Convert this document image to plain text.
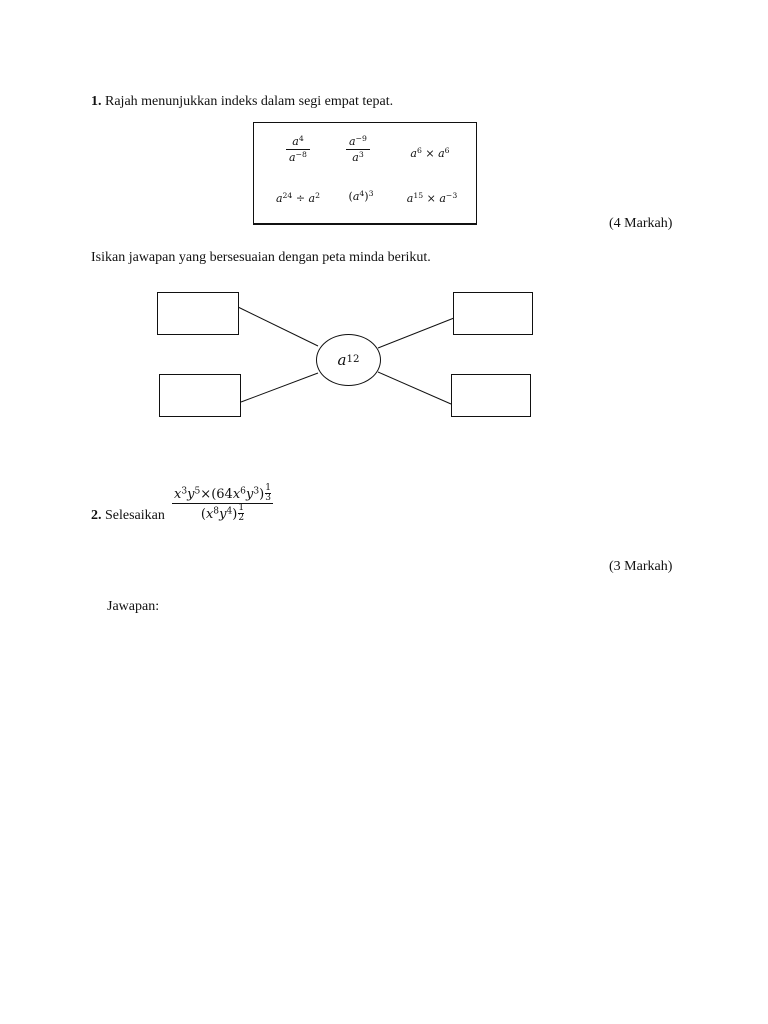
1. Rajah menunjukkan indeks dalam segi empat tepat.
$\frac{a^4}{a^{-8}}$	$\frac{a^{-9}}{a^3}$	$a^6 \times a^6$
$a^{24} \div a^2$	$(a^4)^3$	$a^{15} \times a^{-3}$
(4 Markah)
Isikan jawapan yang bersesuaian dengan peta minda berikut.
a 12
2. Selesaikan $\frac{x^3y^5\times(64x^6y^3) \frac{1}{3}}{(x^8y^4) \frac{1}{2}}$
(3 Markah)
Jawapan:
